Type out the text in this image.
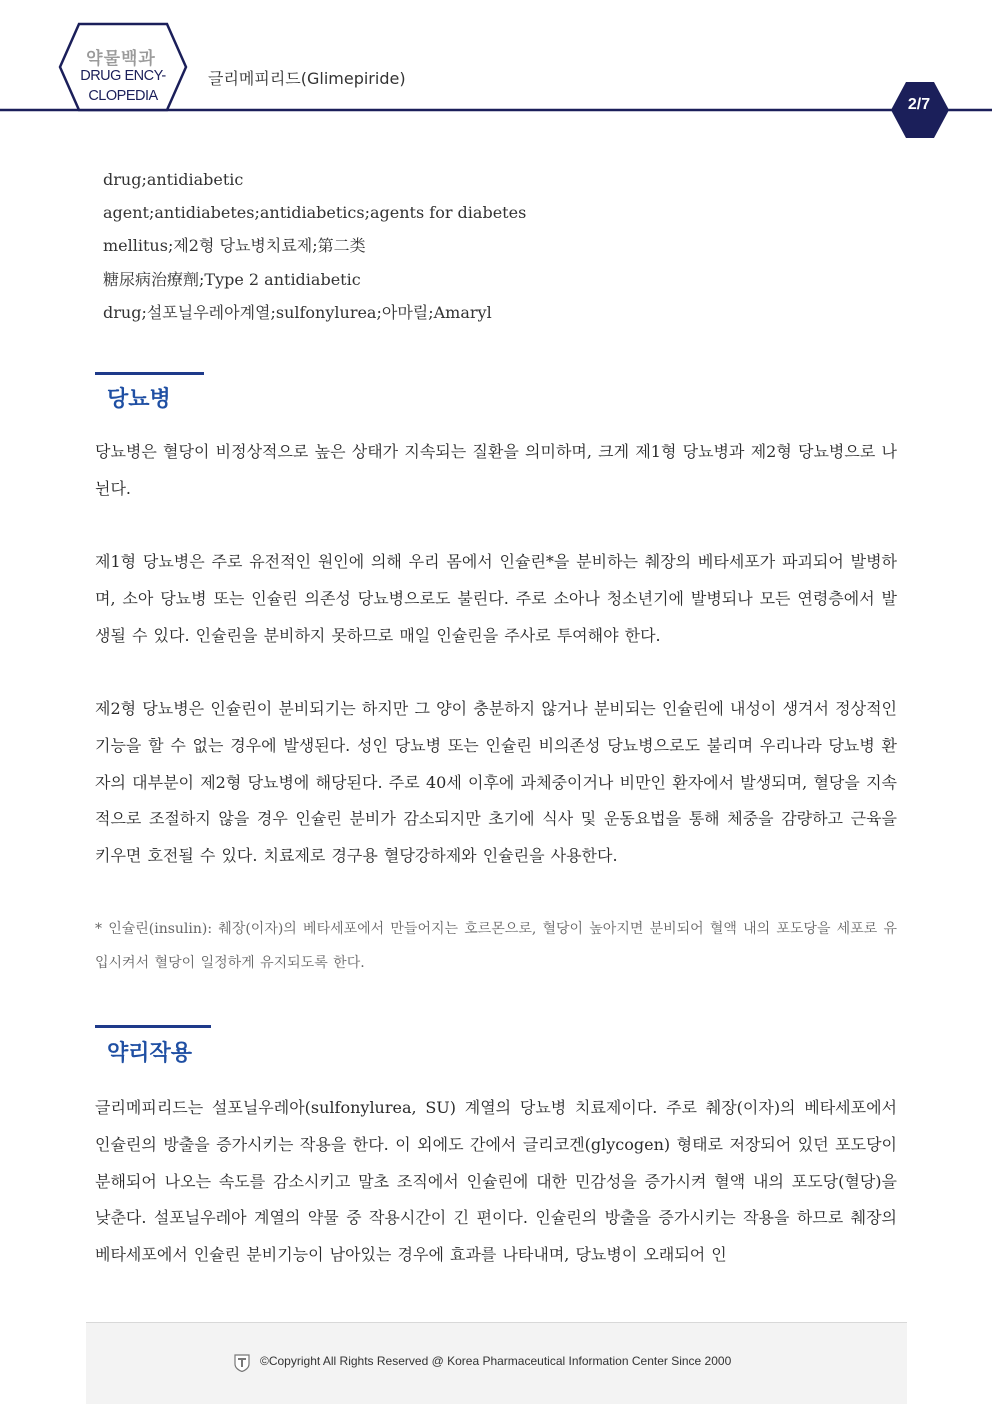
약물백과
DRUG ENCY-
CLOPEDIA
글리메피리드(Glimepiride)
2/7
drug;antidiabetic
agent;antidiabetes;antidiabetics;agents for diabetes
mellitus;제2형 당뇨병치료제;第二类
糖尿病治療劑;Type 2 antidiabetic
drug;설포닐우레아계열;sulfonylurea;아마릴;Amaryl
당뇨병
당뇨병은 혈당이 비정상적으로 높은 상태가 지속되는 질환을 의미하며, 크게 제1형 당뇨병과 제2형 당뇨병으로 나뉜다.
제1형 당뇨병은 주로 유전적인 원인에 의해 우리 몸에서 인슐린*을 분비하는 췌장의 베타세포가 파괴되어 발병하며, 소아 당뇨병 또는 인슐린 의존성 당뇨병으로도 불린다. 주로 소아나 청소년기에 발병되나 모든 연령층에서 발생될 수 있다. 인슐린을 분비하지 못하므로 매일 인슐린을 주사로 투여해야 한다.
제2형 당뇨병은 인슐린이 분비되기는 하지만 그 양이 충분하지 않거나 분비되는 인슐린에 내성이 생겨서 정상적인 기능을 할 수 없는 경우에 발생된다. 성인 당뇨병 또는 인슐린 비의존성 당뇨병으로도 불리며 우리나라 당뇨병 환자의 대부분이 제2형 당뇨병에 해당된다. 주로 40세 이후에 과체중이거나 비만인 환자에서 발생되며, 혈당을 지속적으로 조절하지 않을 경우 인슐린 분비가 감소되지만 초기에 식사 및 운동요법을 통해 체중을 감량하고 근육을 키우면 호전될 수 있다. 치료제로 경구용 혈당강하제와 인슐린을 사용한다.
* 인슐린(insulin): 췌장(이자)의 베타세포에서 만들어지는 호르몬으로, 혈당이 높아지면 분비되어 혈액 내의 포도당을 세포로 유입시켜서 혈당이 일정하게 유지되도록 한다.
약리작용
글리메피리드는 설포닐우레아(sulfonylurea, SU) 계열의 당뇨병 치료제이다. 주로 췌장(이자)의 베타세포에서 인슐린의 방출을 증가시키는 작용을 한다. 이 외에도 간에서 글리코겐(glycogen) 형태로 저장되어 있던 포도당이 분해되어 나오는 속도를 감소시키고 말초 조직에서 인슐린에 대한 민감성을 증가시켜 혈액 내의 포도당(혈당)을 낮춘다. 설포닐우레아 계열의 약물 중 작용시간이 긴 편이다. 인슐린의 방출을 증가시키는 작용을 하므로 췌장의 베타세포에서 인슐린 분비기능이 남아있는 경우에 효과를 나타내며, 당뇨병이 오래되어 인
©Copyright All Rights Reserved @ Korea Pharmaceutical Information Center Since 2000
